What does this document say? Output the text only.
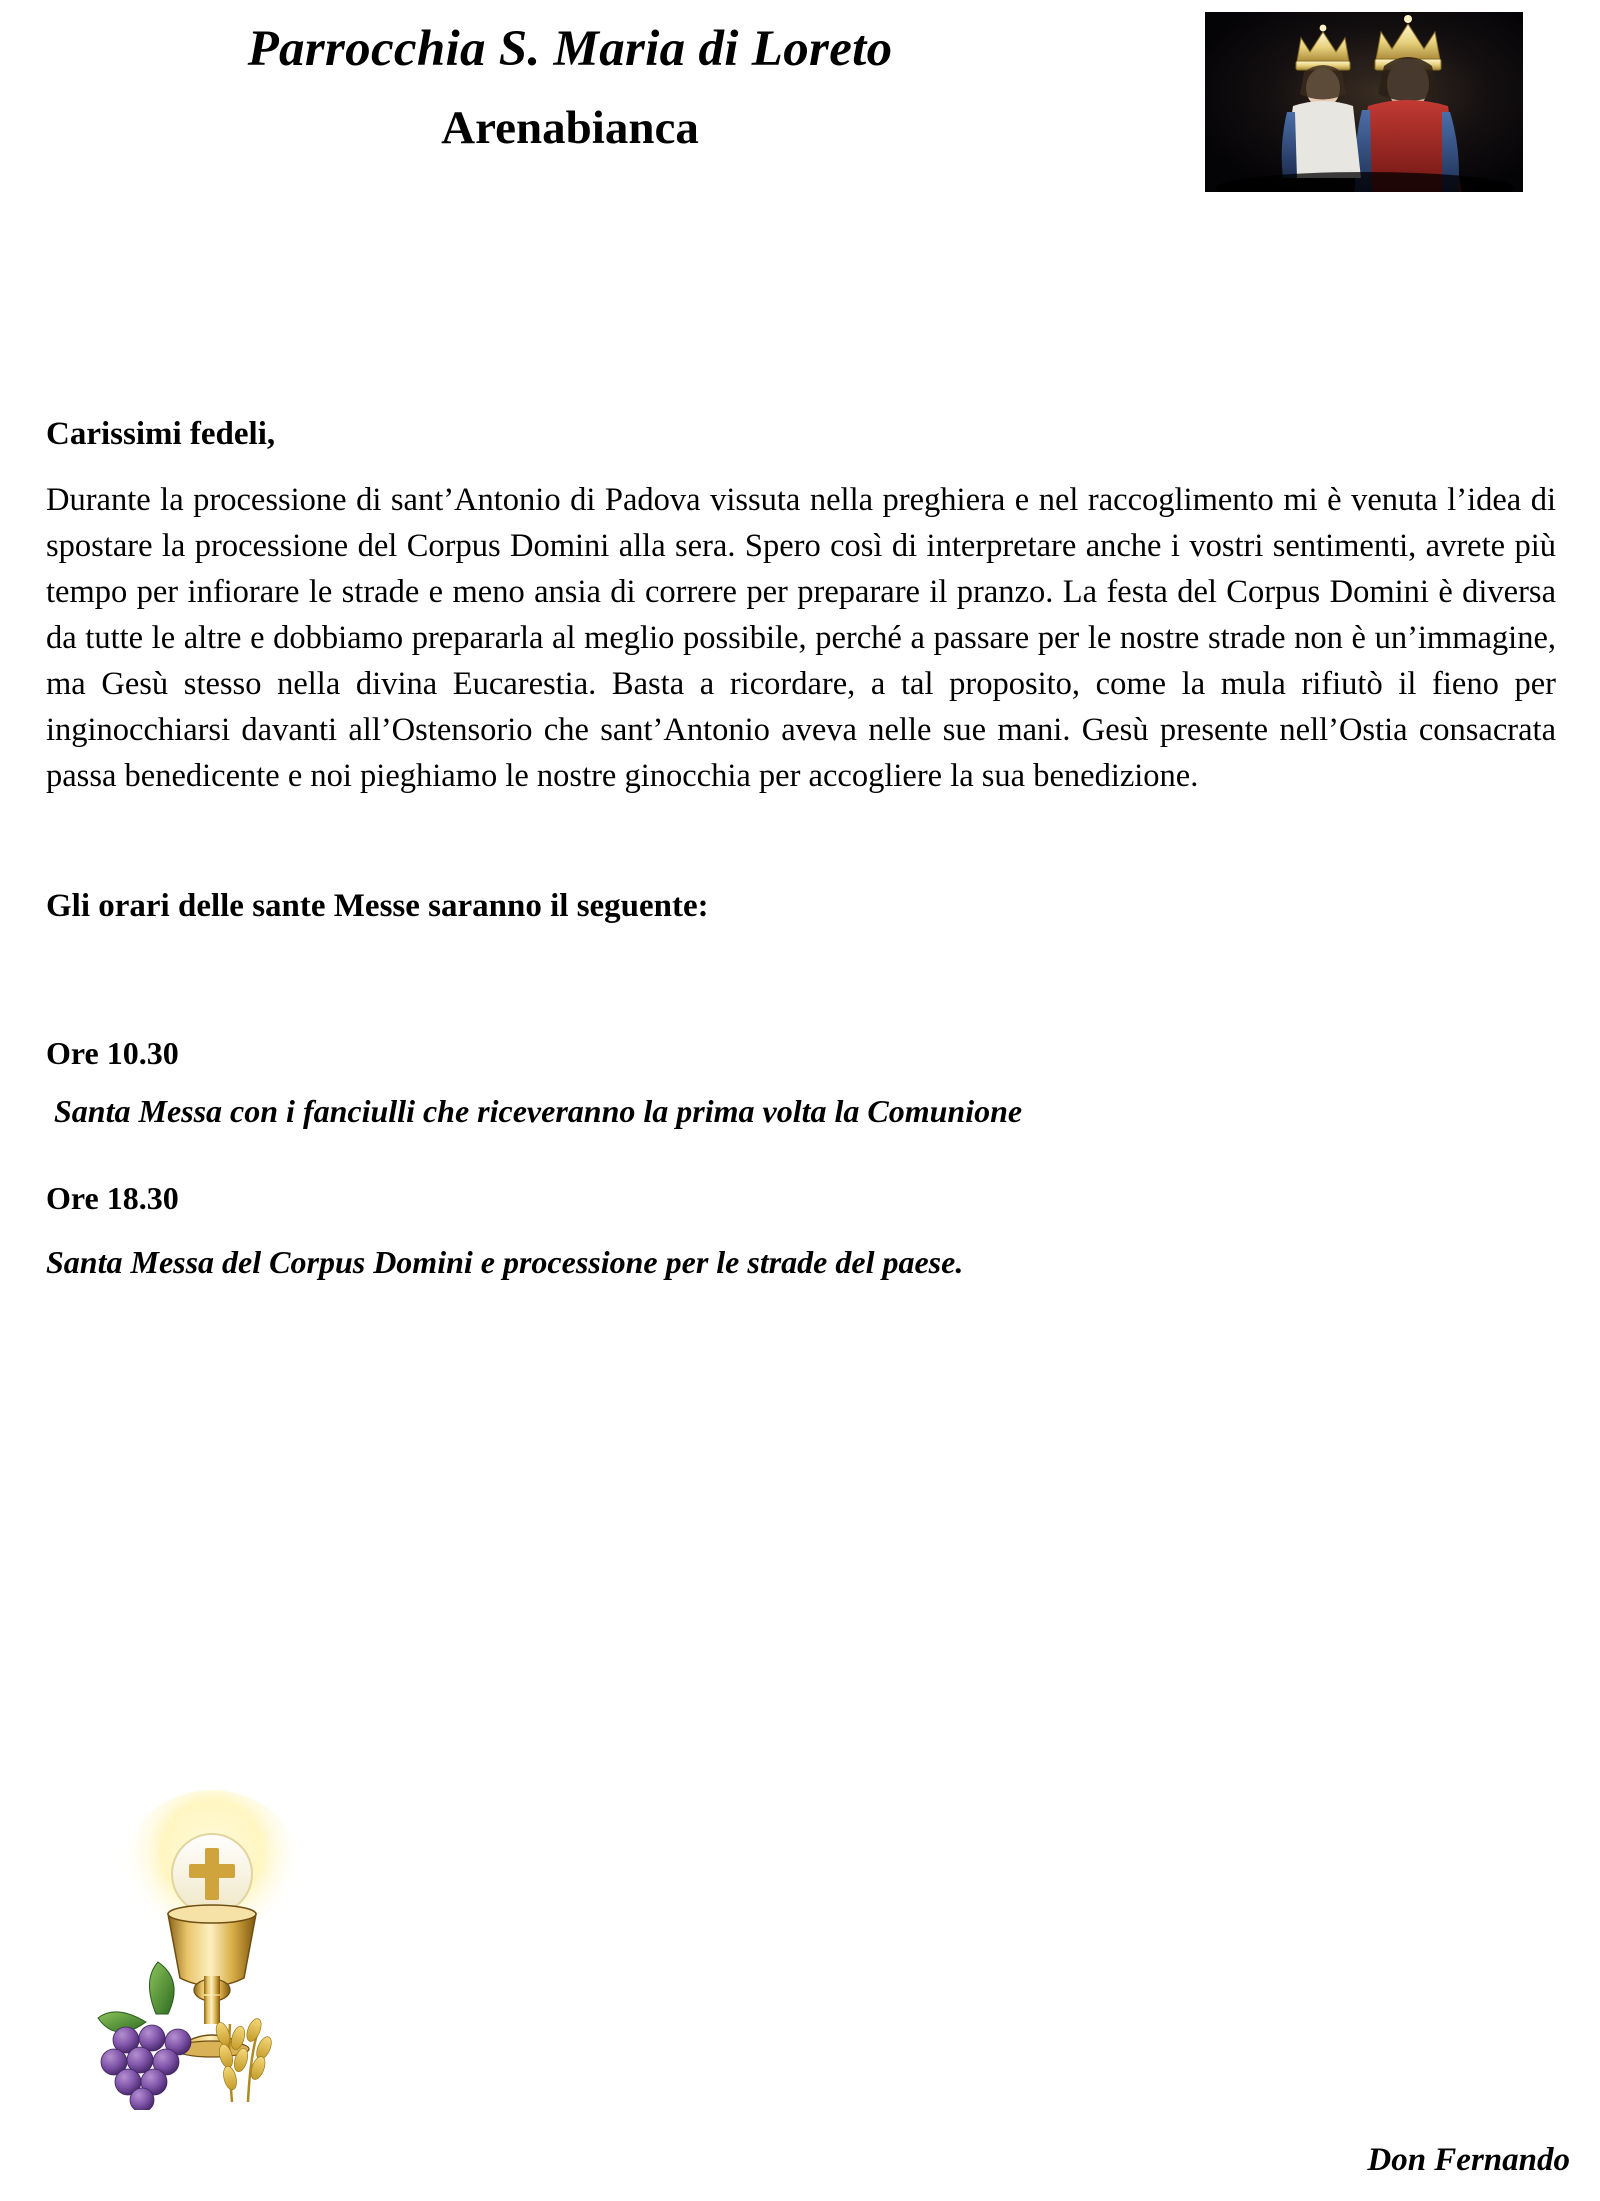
Parrocchia S. Maria di Loreto
Arenabianca

Carissimi fedeli,

Durante la processione di sant’Antonio di Padova vissuta nella preghiera e nel raccoglimento mi è venuta l’idea di spostare la processione del Corpus Domini alla sera. Spero così di interpretare anche i vostri sentimenti, avrete più tempo per infiorare le strade e meno ansia di correre per preparare il pranzo. La festa del Corpus Domini è diversa da tutte le altre e dobbiamo prepararla al meglio possibile, perché a passare per le nostre strade non è un’immagine, ma Gesù stesso nella divina Eucarestia. Basta a ricordare, a tal proposito, come la mula rifiutò il fieno per inginocchiarsi davanti all’Ostensorio che sant’Antonio aveva nelle sue mani. Gesù presente nell’Ostia consacrata passa benedicente e noi pieghiamo le nostre ginocchia per accogliere la sua benedizione.

Gli orari delle sante Messe saranno il seguente:

Ore 10.30

Santa Messa con i fanciulli che riceveranno la prima volta la Comunione

Ore 18.30

Santa Messa del Corpus Domini e processione per le strade del paese.

Don Fernando
